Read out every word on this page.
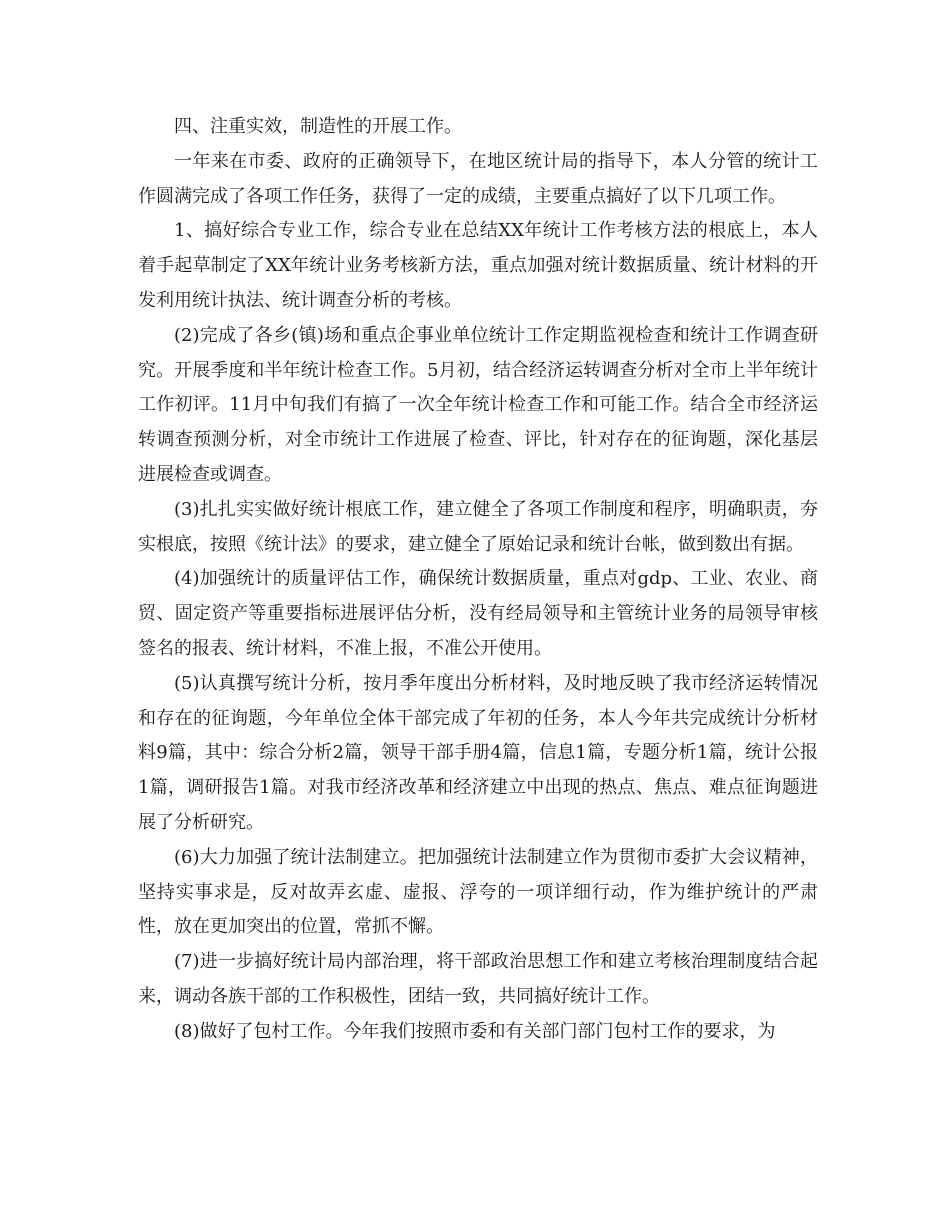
四、注重实效，制造性的开展工作。

一年来在市委、政府的正确领导下，在地区统计局的指导下，本人分管的统计工作圆满完成了各项工作任务，获得了一定的成绩，主要重点搞好了以下几项工作。

1、搞好综合专业工作，综合专业在总结XX年统计工作考核方法的根底上，本人着手起草制定了XX年统计业务考核新方法，重点加强对统计数据质量、统计材料的开发利用统计执法、统计调查分析的考核。

(2)完成了各乡(镇)场和重点企事业单位统计工作定期监视检查和统计工作调查研究。开展季度和半年统计检查工作。5月初，结合经济运转调查分析对全市上半年统计工作初评。11月中旬我们有搞了一次全年统计检查工作和可能工作。结合全市经济运转调查预测分析，对全市统计工作进展了检查、评比，针对存在的征询题，深化基层进展检查或调查。

(3)扎扎实实做好统计根底工作，建立健全了各项工作制度和程序，明确职责，夯实根底，按照《统计法》的要求，建立健全了原始记录和统计台帐，做到数出有据。

(4)加强统计的质量评估工作，确保统计数据质量，重点对gdp、工业、农业、商贸、固定资产等重要指标进展评估分析，没有经局领导和主管统计业务的局领导审核签名的报表、统计材料，不准上报，不准公开使用。

(5)认真撰写统计分析，按月季年度出分析材料，及时地反映了我市经济运转情况和存在的征询题，今年单位全体干部完成了年初的任务，本人今年共完成统计分析材料9篇，其中：综合分析2篇，领导干部手册4篇，信息1篇，专题分析1篇，统计公报1篇，调研报告1篇。对我市经济改革和经济建立中出现的热点、焦点、难点征询题进展了分析研究。

(6)大力加强了统计法制建立。把加强统计法制建立作为贯彻市委扩大会议精神，坚持实事求是，反对故弄玄虚、虚报、浮夸的一项详细行动，作为维护统计的严肃性，放在更加突出的位置，常抓不懈。

(7)进一步搞好统计局内部治理，将干部政治思想工作和建立考核治理制度结合起来，调动各族干部的工作积极性，团结一致，共同搞好统计工作。

(8)做好了包村工作。今年我们按照市委和有关部门部门包村工作的要求，为
